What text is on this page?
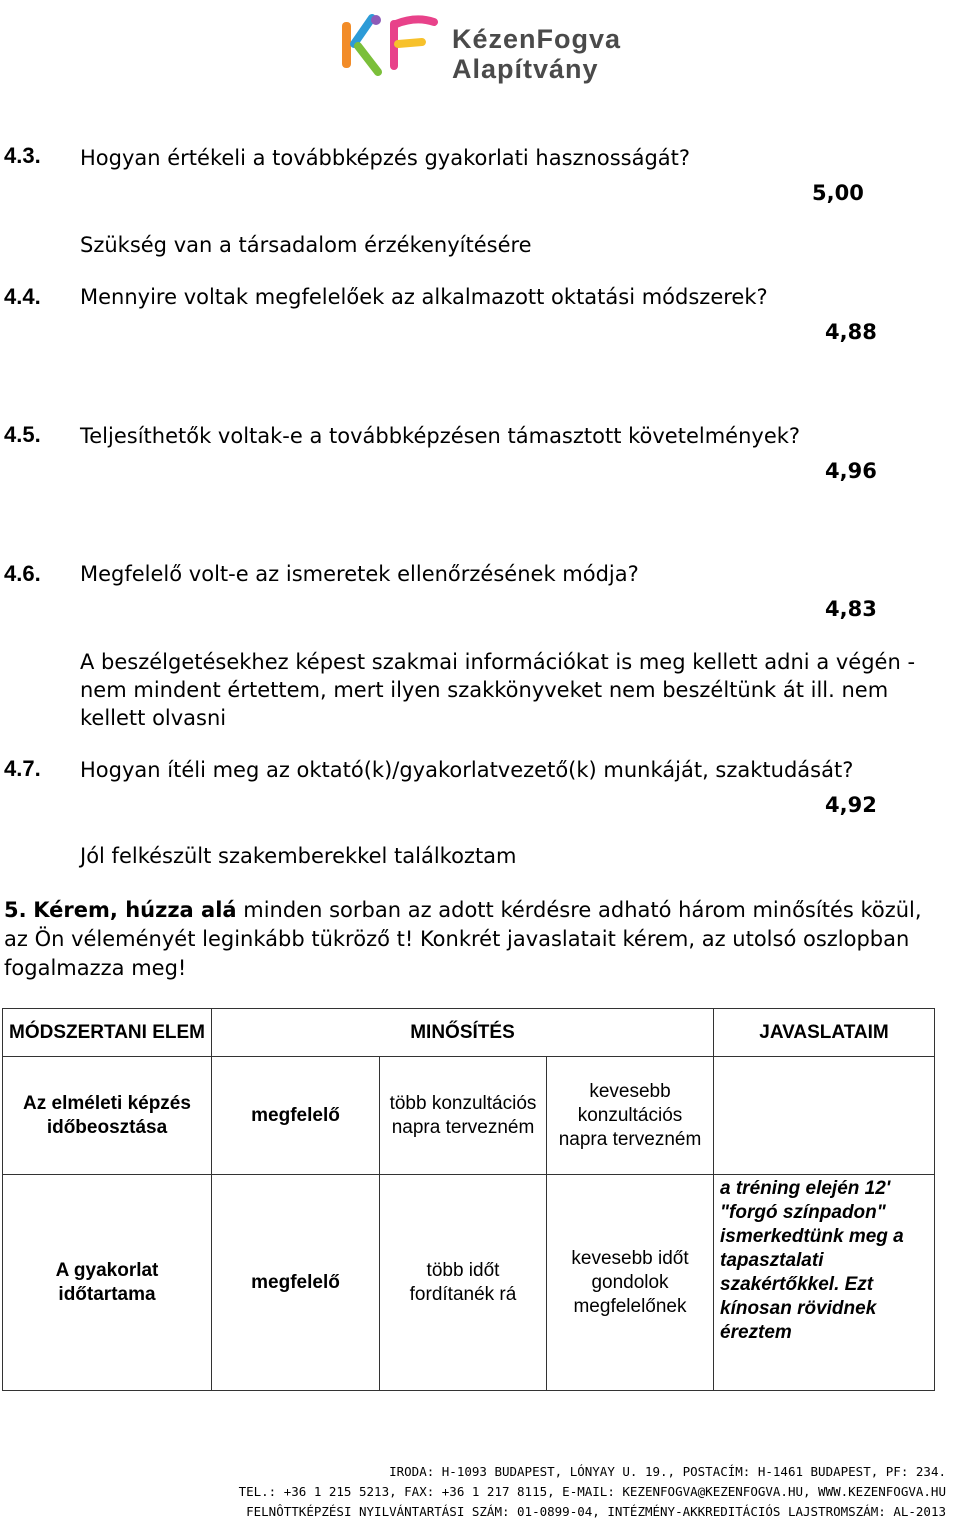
KézenFogva
Alapítvány
4.3. Hogyan értékeli a továbbképzés gyakorlati hasznosságát?
5,00
Szükség van a társadalom érzékenyítésére
4.4. Mennyire voltak megfelelőek az alkalmazott oktatási módszerek?
4,88
4.5. Teljesíthetők voltak-e a továbbképzésen támasztott követelmények?
4,96
4.6. Megfelelő volt-e az ismeretek ellenőrzésének módja?
4,83
A beszélgetésekhez képest szakmai információkat is meg kellett adni a végén - nem mindent értettem, mert ilyen szakkönyveket nem beszéltünk át ill. nem kellett olvasni
4.7. Hogyan ítéli meg az oktató(k)/gyakorlatvezető(k) munkáját, szaktudását?
4,92
Jól felkészült szakemberekkel találkoztam
5. Kérem, húzza alá minden sorban az adott kérdésre adható három minősítés közül, az Ön véleményét leginkább tükröző t! Konkrét javaslatait kérem, az utolsó oszlopban fogalmazza meg!
MÓDSZERTANI ELEM	MINŐSÍTÉS			JAVASLATAIM
Az elméleti képzés időbeosztása	megfelelő	több konzultációs napra tervezném	kevesebb konzultációs napra tervezném	
A gyakorlat időtartama	megfelelő	több időt fordítanék rá	kevesebb időt gondolok megfelelőnek	a tréning elején 12' "forgó színpadon" ismerkedtünk meg a tapasztalati szakértőkkel. Ezt kínosan rövidnek éreztem
IRODA: H-1093 BUDAPEST, LÓNYAY U. 19., POSTACÍM: H-1461 BUDAPEST, PF: 234.
TEL.: +36 1 215 5213, FAX: +36 1 217 8115, E-MAIL: KEZENFOGVA@KEZENFOGVA.HU, WWW.KEZENFOGVA.HU
FELNÔTTKÉPZÉSI NYILVÁNTARTÁSI SZÁM: 01-0899-04, INTÉZMÉNY-AKKREDITÁCIÓS LAJSTROMSZÁM: AL-2013
